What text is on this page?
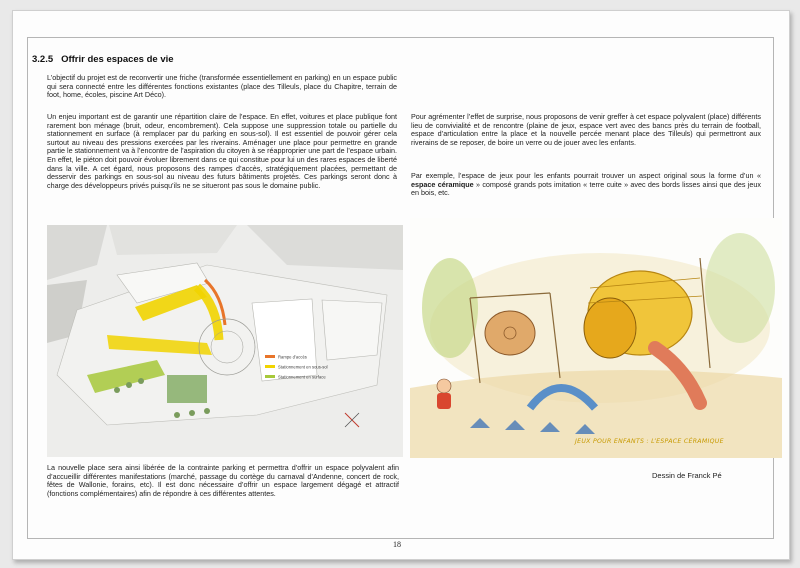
3.2.5 Offrir des espaces de vie

L’objectif du projet est de reconvertir une friche (transformée essentiellement en parking) en un espace public qui sera connecté entre les différentes fonctions existantes (place des Tilleuls, place du Chapitre, terrain de foot, home, écoles, piscine Art Déco).

Un enjeu important est de garantir une répartition claire de l’espace. En effet, voitures et place publique font rarement bon ménage (bruit, odeur, encombrement). Cela suppose une suppression totale ou partielle du stationnement en surface (à remplacer par du parking en sous-sol). Il est essentiel de pouvoir gérer cela surtout au niveau des pressions exercées par les riverains. Aménager une place pour permettre en grande partie le stationnement va à l’encontre de l’aspiration du citoyen à se réapproprier une part de l’espace urbain. En effet, le piéton doit pouvoir évoluer librement dans ce qui constitue pour lui un des rares espaces de liberté dans la ville. A cet égard, nous proposons des rampes d’accès, stratégiquement placées, permettant de desservir des parkings en sous-sol au niveau des futurs bâtiments projetés. Ces parkings seront donc à charge des développeurs privés puisqu’ils ne se situeront pas sous le domaine public.

Pour agrémenter l’effet de surprise, nous proposons de venir greffer à cet espace polyvalent (place) différents lieu de convivialité et de rencontre (plaine de jeux, espace vert avec des bancs près du terrain de football, espace d’articulation entre la place et la nouvelle percée menant place des Tilleuls) qui permettront aux riverains de se reposer, de boire un verre ou de jouer avec les enfants.

Par exemple, l’espace de jeux pour les enfants pourrait trouver un aspect original sous la forme d’un « espace céramique » composé grands pots imitation « terre cuite » avec des bords lisses ainsi que des jeux en bois, etc.

Rampe d’accès
Stationnement en sous-sol
Stationnement en surface
JEUX POUR ENFANTS : L’ESPACE CÉRAMIQUE

La nouvelle place sera ainsi libérée de la contrainte parking et permettra d’offrir un espace polyvalent afin d’accueillir différentes manifestations (marché, passage du cortège du carnaval d’Andenne, concert de rock, fêtes de Wallonie, forains, etc). Il est donc nécessaire d’offrir un espace largement dégagé et attractif (fonctions complémentaires) afin de répondre à ces différentes attentes.

Dessin de Franck Pé
18
